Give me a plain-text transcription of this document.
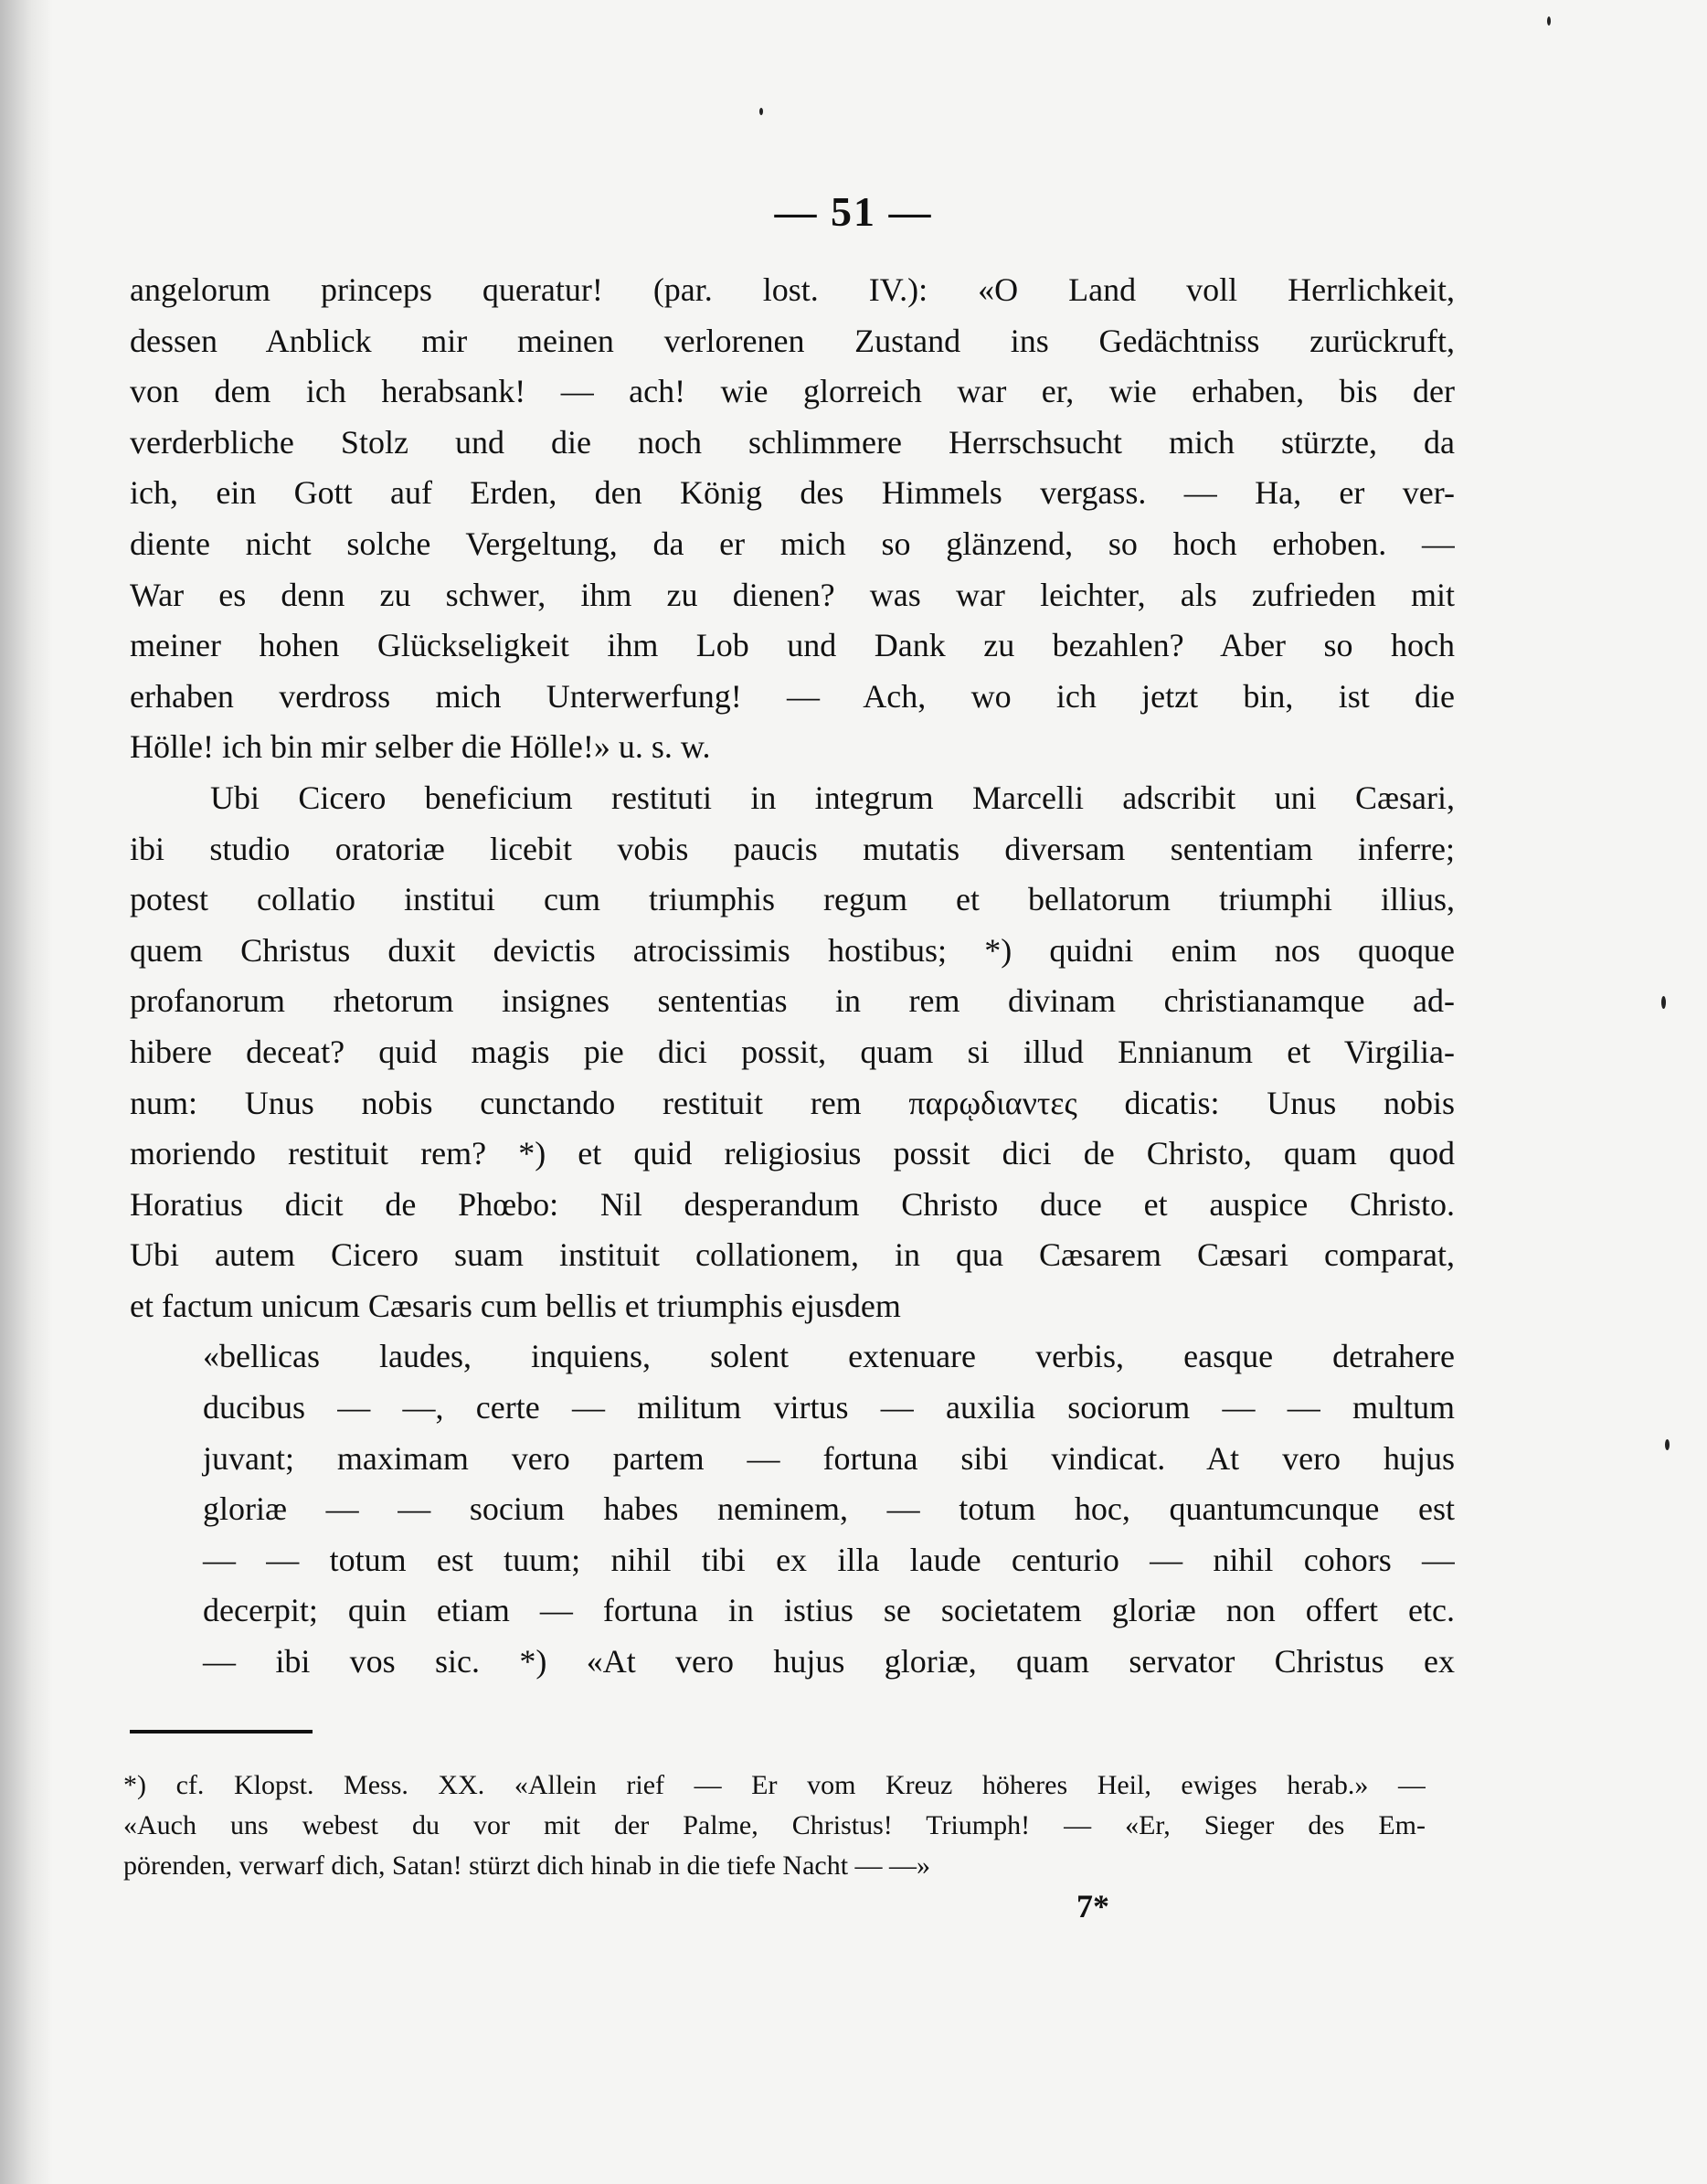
— 51 —
angelorum princeps queratur! (par. lost. IV.): «O Land voll Herrlichkeit,
dessen Anblick mir meinen verlorenen Zustand ins Gedächtniss zurückruft,
von dem ich herabsank! — ach! wie glorreich war er, wie erhaben, bis der
verderbliche Stolz und die noch schlimmere Herrschsucht mich stürzte, da
ich, ein Gott auf Erden, den König des Himmels vergass. — Ha, er ver-
diente nicht solche Vergeltung, da er mich so glänzend, so hoch erhoben. —
War es denn zu schwer, ihm zu dienen? was war leichter, als zufrieden mit
meiner hohen Glückseligkeit ihm Lob und Dank zu bezahlen? Aber so hoch
erhaben verdross mich Unterwerfung! — Ach, wo ich jetzt bin, ist die
Hölle! ich bin mir selber die Hölle!» u. s. w.
Ubi Cicero beneficium restituti in integrum Marcelli adscribit uni Cæsari,
ibi studio oratoriæ licebit vobis paucis mutatis diversam sententiam inferre;
potest collatio institui cum triumphis regum et bellatorum triumphi illius,
quem Christus duxit devictis atrocissimis hostibus; *) quidni enim nos quoque
profanorum rhetorum insignes sententias in rem divinam christianamque ad-
hibere deceat? quid magis pie dici possit, quam si illud Ennianum et Virgilia-
num: Unus nobis cunctando restituit rem παρῳδιαντες dicatis: Unus nobis
moriendo restituit rem? *) et quid religiosius possit dici de Christo, quam quod
Horatius dicit de Phœbo: Nil desperandum Christo duce et auspice Christo.
Ubi autem Cicero suam instituit collationem, in qua Cæsarem Cæsari comparat,
et factum unicum Cæsaris cum bellis et triumphis ejusdem
«bellicas laudes, inquiens, solent extenuare verbis, easque detrahere
ducibus — —, certe — militum virtus — auxilia sociorum — — multum
juvant; maximam vero partem — fortuna sibi vindicat. At vero hujus
gloriæ — — socium habes neminem, — totum hoc, quantumcunque est
— — totum est tuum; nihil tibi ex illa laude centurio — nihil cohors —
decerpit; quin etiam — fortuna in istius se societatem gloriæ non offert etc.
— ibi vos sic. *) «At vero hujus gloriæ, quam servator Christus ex
*) cf. Klopst. Mess. XX. «Allein rief — Er vom Kreuz höheres Heil, ewiges herab.» —
«Auch uns webest du vor mit der Palme, Christus! Triumph! — «Er, Sieger des Em-
pörenden, verwarf dich, Satan! stürzt dich hinab in die tiefe Nacht — —»
7*
